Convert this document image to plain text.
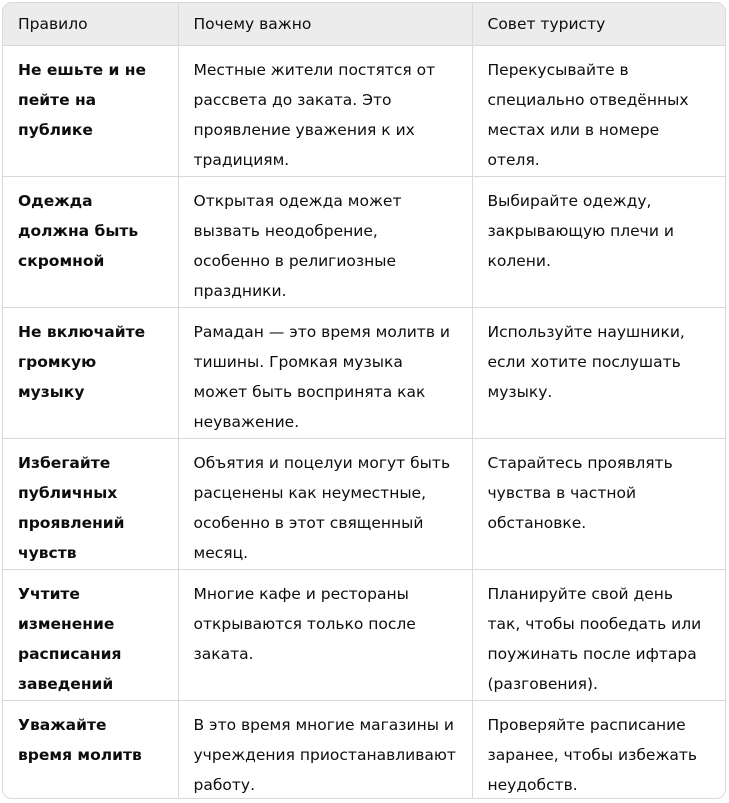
Правило	Почему важно	Совет туристу
Не ешьте и не пейте на публике	Местные жители постятся от рассвета до заката. Это проявление уважения к их традициям.	Перекусывайте в специально отведённых местах или в номере отеля.
Одежда должна быть скромной	Открытая одежда может вызвать неодобрение, особенно в религиозные праздники.	Выбирайте одежду, закрывающую плечи и колени.
Не включайте громкую музыку	Рамадан — это время молитв и тишины. Громкая музыка может быть воспринята как неуважение.	Используйте наушники, если хотите послушать музыку.
Избегайте публичных проявлений чувств	Объятия и поцелуи могут быть расценены как неуместные, особенно в этот священный месяц.	Старайтесь проявлять чувства в частной обстановке.
Учтите изменение расписания заведений	Многие кафе и рестораны открываются только после заката.	Планируйте свой день так, чтобы пообедать или поужинать после ифтара (разговения).
Уважайте время молитв	В это время многие магазины и учреждения приостанавливают работу.	Проверяйте расписание заранее, чтобы избежать неудобств.
